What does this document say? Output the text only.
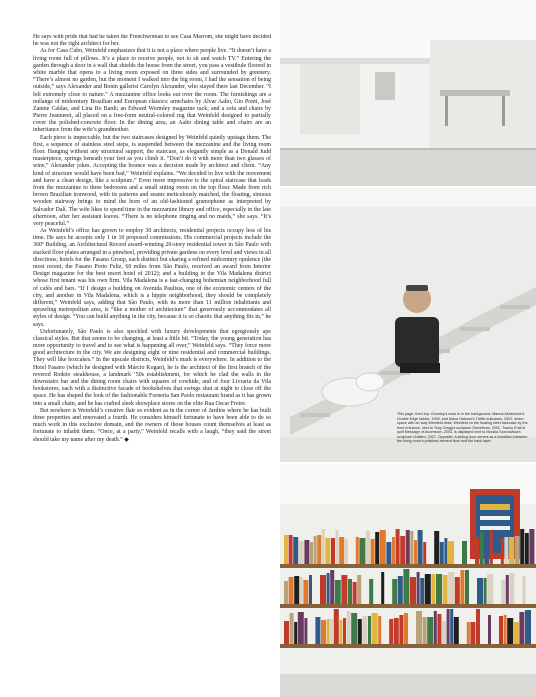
He says with pride that had he taken the Frenchwoman to see Casa Marrom, she might have decided he was not the right architect for her.

As for Casa Cubo, Weinfeld emphasizes that it is not a place where people live. “It doesn’t have a living room full of pillows. It’s a place to receive people, not to sit and watch TV.” Entering the garden through a door in a wall that shields the house from the street, you pass a vestibule floored in white marble that opens to a living room exposed on three sides and surrounded by greenery. “There’s almost no garden, but the moment I walked into the big room, I had the sensation of being outside,” says Alexander and Bonin gallerist Carolyn Alexander, who stayed there last December. “I felt extremely close to nature.” A mezzanine office looks out over the room. The furnishings are a mélange of midcentury Brazilian and European classics: armchairs by Alvar Aalto, Gio Ponti, José Zanine Caldas, and Lina Bo Bardi; an Edward Wormley magazine rack; and a sofa and chairs by Pierre Jeanneret, all placed on a free-form neutral-colored rug that Weinfeld designed to partially cover the polished-concrete floor. In the dining area, an Aalto dining table and chairs are an inheritance from the wife’s grandmother.

Each piece is impeccable, but the two staircases designed by Weinfeld quietly upstage them. The first, a sequence of stainless steel steps, is suspended between the mezzanine and the living room floor. Hanging without any structural support, the staircase, as elegantly simple as a Donald Judd masterpiece, springs beneath your feet as you climb it. “Don’t do it with more than two glasses of wine,” Alexander jokes. Accepting the bounce was a decision made by architect and client. “Any kind of structure would have been bad,” Weinfeld explains. “We decided to live with the movement and have a clean design, like a sculpture.” Even more impressive is the spiral staircase that leads from the mezzanine to three bedrooms and a small sitting room on the top floor. Made from rich brown Brazilian ironwood, with its patterns and seams meticulously matched, the floating, sinuous wooden stairway brings to mind the horn of an old-fashioned gramophone as interpreted by Salvador Dalí. The wife likes to spend time in the mezzanine library and office, especially in the late afternoon, after her assistant leaves. “There is no telephone ringing and no maids,” she says. “It’s very peaceful.”

As Weinfeld’s office has grown to employ 30 architects, residential projects occupy less of his time. He says he accepts only 1 in 10 proposed commissions. His commercial projects include the 360º Building, an Architectural Record award-winning 20-story residential tower in São Paulo with stacked floor plates arranged in a pinwheel, providing private gardens on every level and views in all directions; hotels for the Fasano Group, each distinct but sharing a refined midcentury opulence (the most recent, the Fasano Porto Feliz, 60 miles from São Paulo, received an award from Interior Design magazine for the best resort hotel of 2012); and a building in the Vila Madalena district whose first tenant was his own firm. Vila Madalena is a fast-changing bohemian neighborhood full of cafés and bars. “If I design a building on Avenida Paulista, one of the economic centers of the city, and another in Vila Madalena, which is a hippie neighborhood, they should be completely different,” Weinfeld says, adding that São Paulo, with its more than 11 million inhabitants and sprawling metropolitan area, is “like a mother of architecture” that generously accommodates all styles of design. “You can build anything in the city, because it is so chaotic that anything fits in,” he says.

Unfortunately, São Paulo is also speckled with luxury developments that egregiously ape classical styles. But that seems to be changing, at least a little bit. “Today, the young generation has more opportunity to travel and to see what is happening all over,” Weinfeld says. “They force more good architecture in the city. We are designing eight or nine residential and commercial buildings. They will like boxcakes.” In the upscale districts, Weinfeld’s mark is everywhere. In addition to the Hotel Fasano (which he designed with Márcio Kogan), he is the architect of the first branch of the revered Rodeio steakhouse, a landmark ’50s establishment, for which he clad the walls in the downstairs bar and the dining room chairs with squares of cowhide, and of four Livraria da Vila bookstores, each with a distinctive facade of bookshelves that swings shut at night to close off the space. He has shaped the look of the fashionable Forneria San Paolo restaurant brand as it has grown into a small chain, and he has crafted sleek showplace stores on the elite Rua Oscar Freire.

But nowhere is Weinfeld’s creative flair so evident as in the corner of Jardins where he has built three properties and renovated a fourth. He considers himself fortunate to have been able to do so much work in this exclusive domain, and the owners of those houses count themselves at least as fortunate to inhabit them. “Once, at a party,” Weinfeld recalls with a laugh, “they said the street should take my name after my death.” ◆

This page, from top: Gormley’s work is in the background; Marina Abramović’s Double Edge ladder, 1995, and Mana Hatoum’s Traffic suitcases, 2002, share space with an Isay Weinfeld desk; Weinfeld on the floating steel staircase by the front entrance, next to Tony Cragg’s sculpture Secretions, 2001. Tracey Emin’s quilt Message of Ascension, 2003, is displayed next to Monika Sosnowska’s sculpture Untitled, 2007. Opposite: A sliding door serves as a transition between the living room’s polished-cement floor and the back lawn.
